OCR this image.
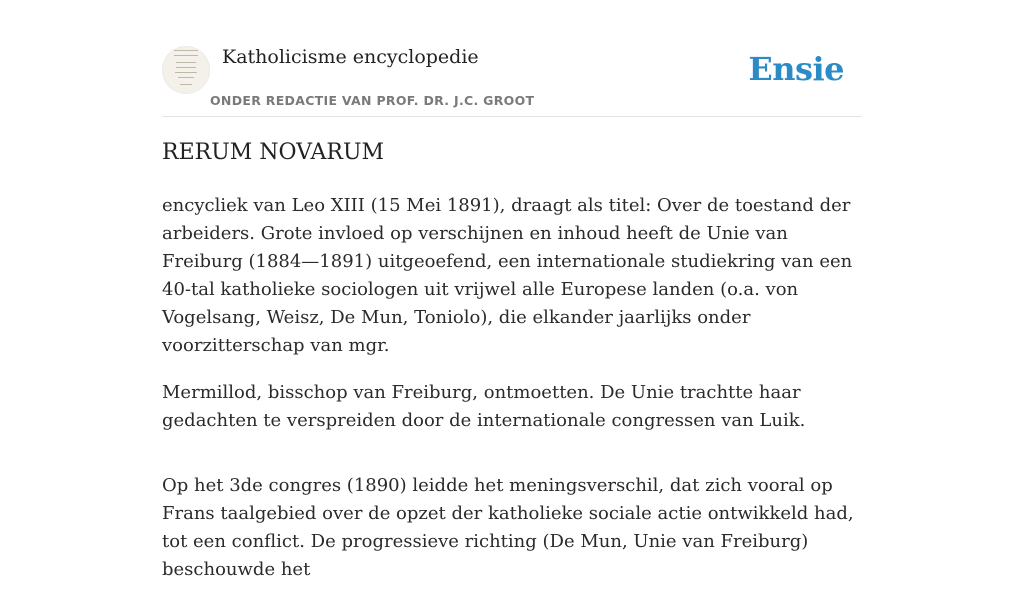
Katholicisme encyclopedie
ONDER REDACTIE VAN PROF. DR. J.C. GROOT
Ensie
RERUM NOVARUM

encycliek van Leo XIII (15 Mei 1891), draagt als titel: Over de toestand der arbeiders. Grote invloed op verschijnen en inhoud heeft de Unie van Freiburg (1884—1891) uitgeoefend, een internationale studiekring van een 40-tal katholieke sociologen uit vrijwel alle Europese landen (o.a. von Vogelsang, Weisz, De Mun, Toniolo), die elkander jaarlijks onder voorzitterschap van mgr.

Mermillod, bisschop van Freiburg, ontmoetten. De Unie trachtte haar gedachten te verspreiden door de internationale congressen van Luik.

Op het 3de congres (1890) leidde het meningsverschil, dat zich vooral op Frans taalgebied over de opzet der katholieke sociale actie ontwikkeld had, tot een conflict. De progressieve richting (De Mun, Unie van Freiburg) beschouwde het
